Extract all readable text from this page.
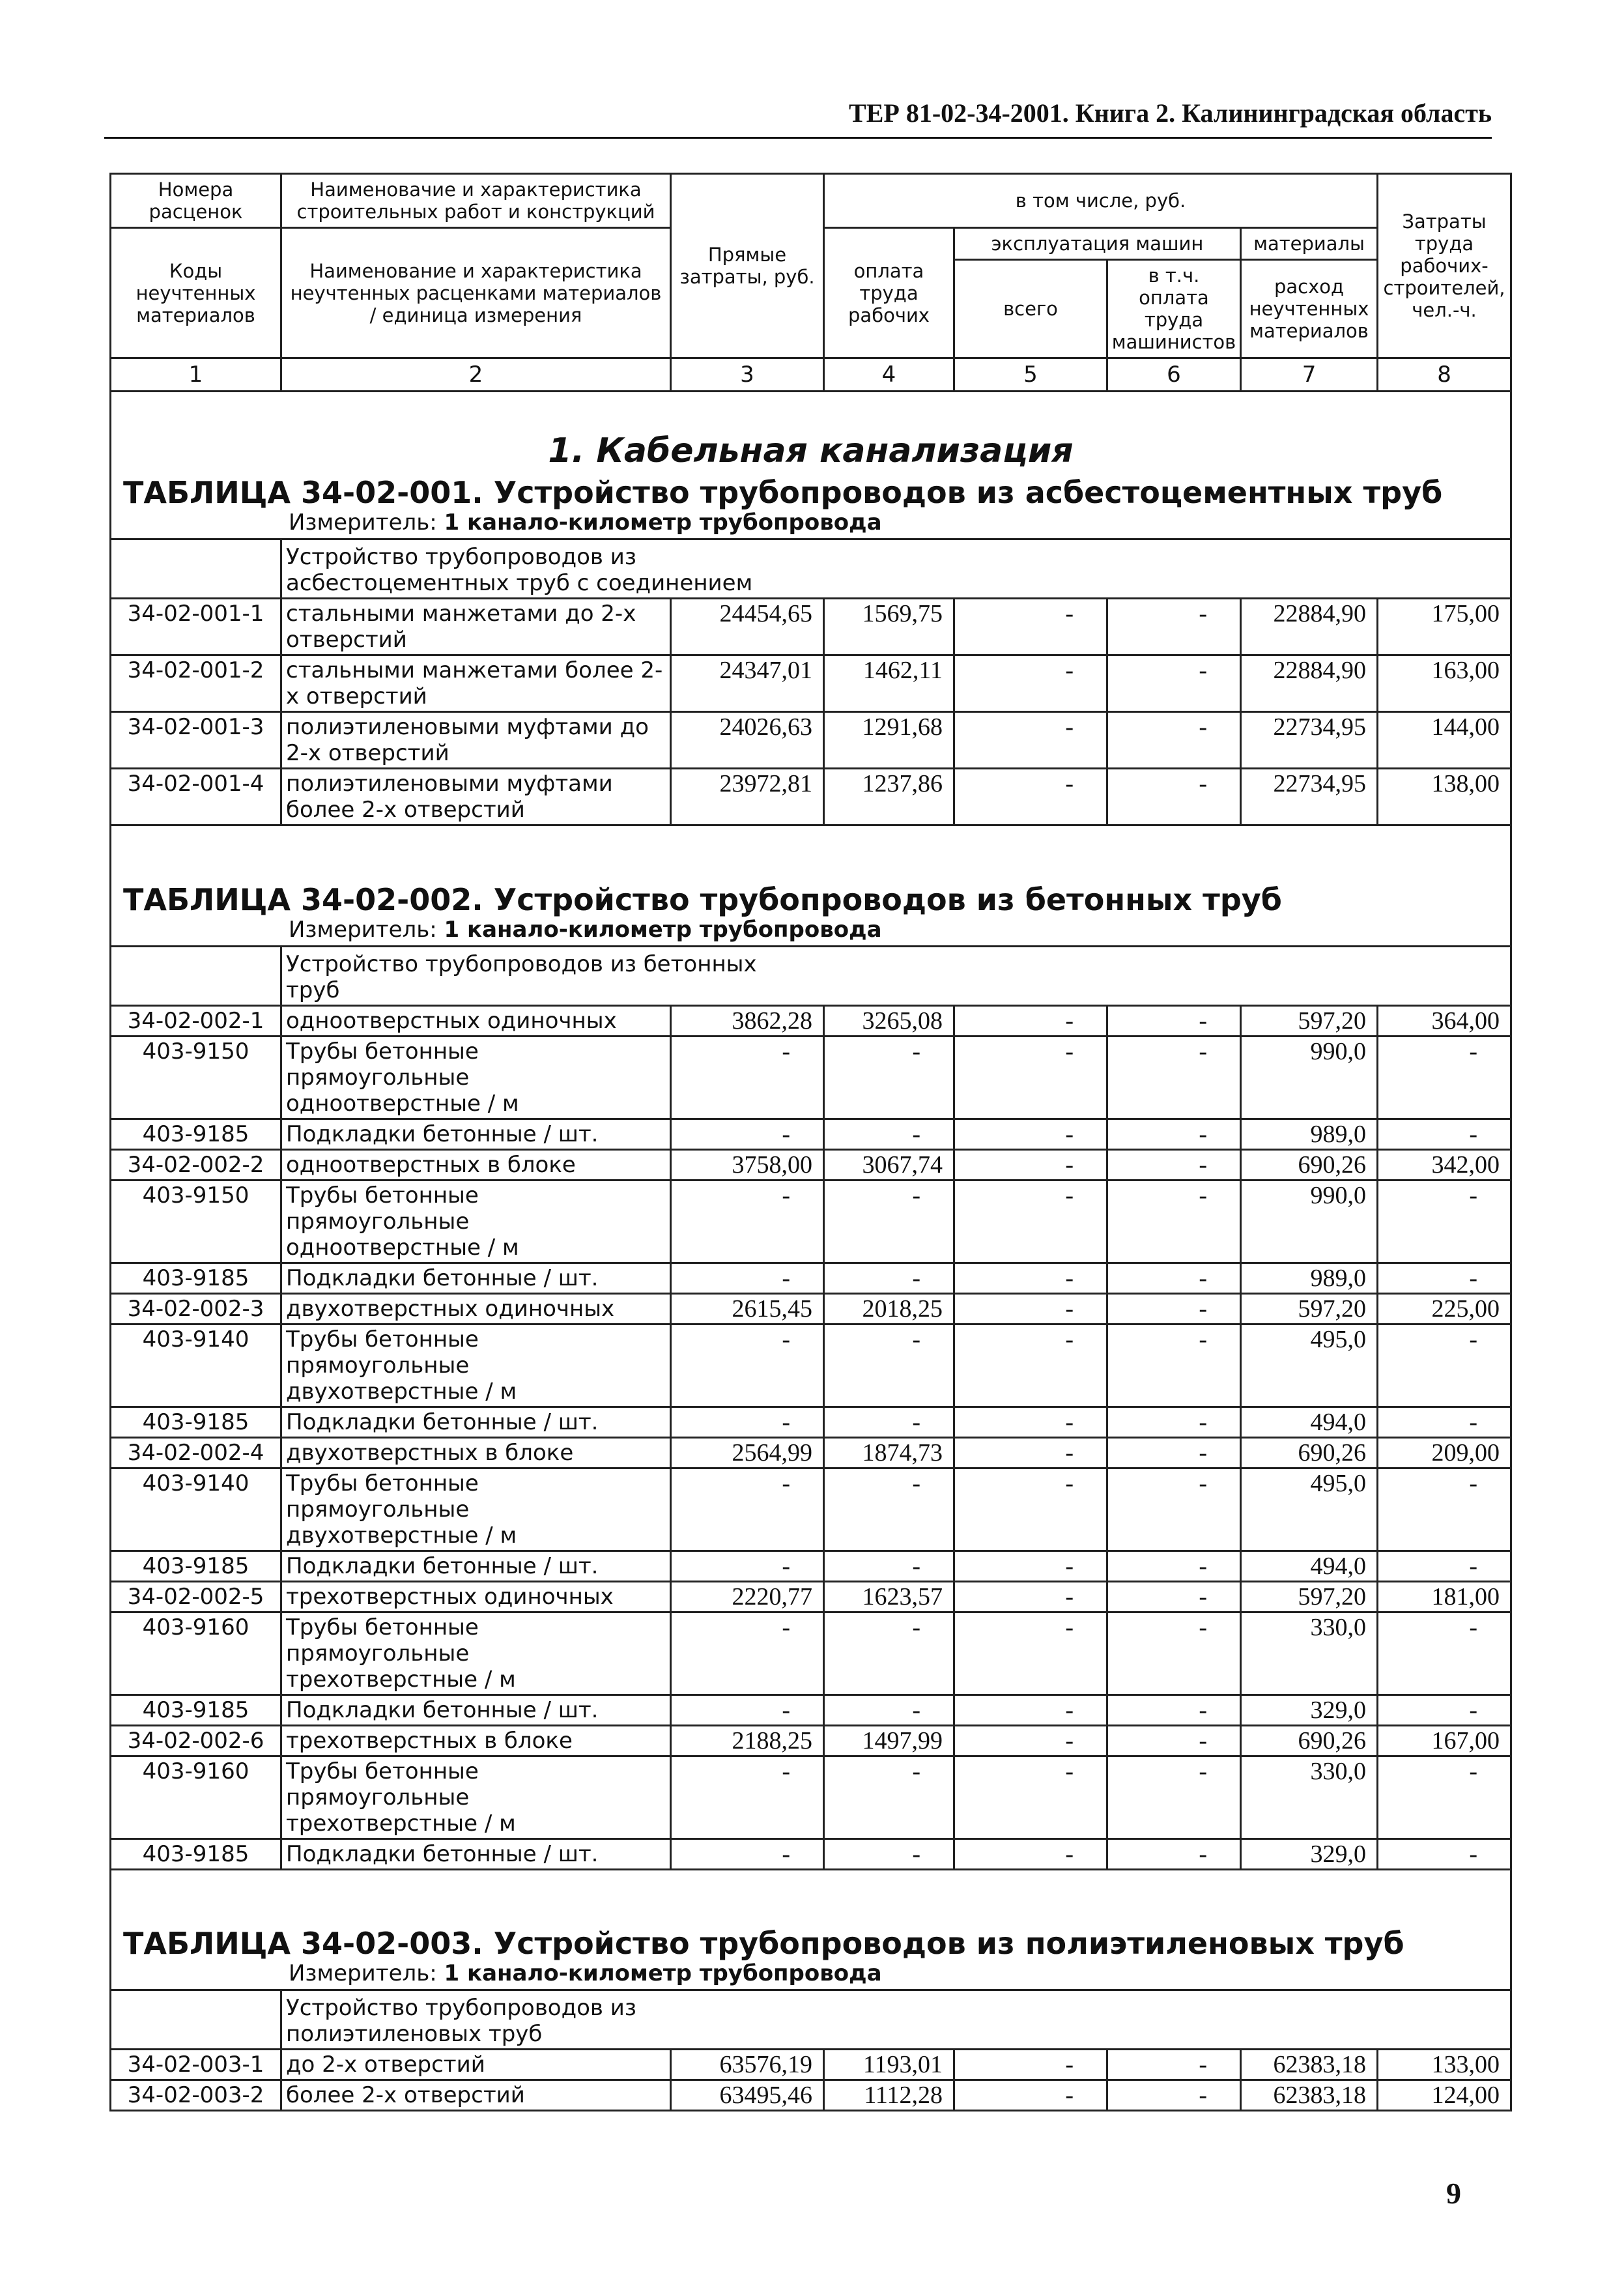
ТЕР 81-02-34-2001. Книга 2. Калининградская область
Номера расценок	Наименовачие и характеристика строительных работ и конструкций	Прямые затраты, руб.	в том числе, руб.				Затраты труда рабочих-строителей, чел.-ч.
Коды неучтенных материалов	Наименование и характеристика неучтенных расценками материалов / единица измерения		оплата труда рабочих	эксплуатация машин		материалы	
				всего	в т.ч. оплата труда машинистов	расход неучтенных материалов	
1	2	3	4	5	6	7	8

1. Кабельная канализация							

ТАБЛИЦА 34-02-001. Устройство трубопроводов из асбестоцементных труб
Измеритель: 1 канало-километр трубопровода							

	Устройство трубопроводов из асбестоцементных труб с соединением						
34-02-001-1	стальными манжетами до 2-х отверстий	24454,65	1569,75	-	-	22884,90	175,00
34-02-001-2	стальными манжетами более 2-х отверстий	24347,01	1462,11	-	-	22884,90	163,00
34-02-001-3	полиэтиленовыми муфтами до 2-х отверстий	24026,63	1291,68	-	-	22734,95	144,00
34-02-001-4	полиэтиленовыми муфтами более 2-х отверстий	23972,81	1237,86	-	-	22734,95	138,00

ТАБЛИЦА 34-02-002. Устройство трубопроводов из бетонных труб
Измеритель: 1 канало-километр трубопровода							

	Устройство трубопроводов из бетонных труб						
34-02-002-1	одноотверстных одиночных	3862,28	3265,08	-	-	597,20	364,00
403-9150	Трубы бетонные прямоугольные одноотверстные / м	-	-	-	-	990,0	-
403-9185	Подкладки бетонные / шт.	-	-	-	-	989,0	-
34-02-002-2	одноотверстных в блоке	3758,00	3067,74	-	-	690,26	342,00
403-9150	Трубы бетонные прямоугольные одноотверстные / м	-	-	-	-	990,0	-
403-9185	Подкладки бетонные / шт.	-	-	-	-	989,0	-
34-02-002-3	двухотверстных одиночных	2615,45	2018,25	-	-	597,20	225,00
403-9140	Трубы бетонные прямоугольные двухотверстные / м	-	-	-	-	495,0	-
403-9185	Подкладки бетонные / шт.	-	-	-	-	494,0	-
34-02-002-4	двухотверстных в блоке	2564,99	1874,73	-	-	690,26	209,00
403-9140	Трубы бетонные прямоугольные двухотверстные / м	-	-	-	-	495,0	-
403-9185	Подкладки бетонные / шт.	-	-	-	-	494,0	-
34-02-002-5	трехотверстных одиночных	2220,77	1623,57	-	-	597,20	181,00
403-9160	Трубы бетонные прямоугольные трехотверстные / м	-	-	-	-	330,0	-
403-9185	Подкладки бетонные / шт.	-	-	-	-	329,0	-
34-02-002-6	трехотверстных в блоке	2188,25	1497,99	-	-	690,26	167,00
403-9160	Трубы бетонные прямоугольные трехотверстные / м	-	-	-	-	330,0	-
403-9185	Подкладки бетонные / шт.	-	-	-	-	329,0	-

ТАБЛИЦА 34-02-003. Устройство трубопроводов из полиэтиленовых труб
Измеритель: 1 канало-километр трубопровода							

	Устройство трубопроводов из полиэтиленовых труб						
34-02-003-1	до 2-х отверстий	63576,19	1193,01	-	-	62383,18	133,00
34-02-003-2	более 2-х отверстий	63495,46	1112,28	-	-	62383,18	124,00
9
